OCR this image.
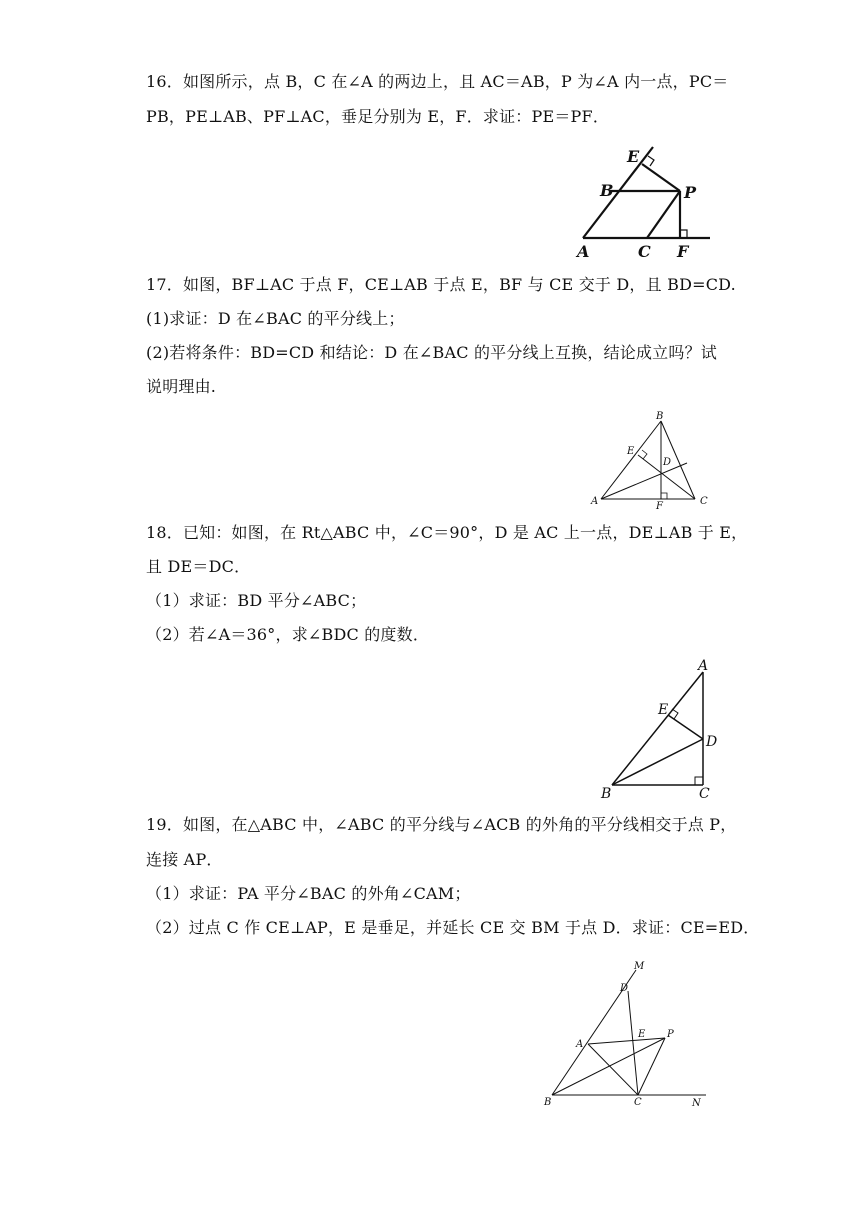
16．如图所示，点 B，C 在∠A 的两边上，且 AC＝AB，P 为∠A 内一点，PC＝
PB，PE⊥AB、PF⊥AC，垂足分别为 E，F．求证：PE＝PF．
E
B	P
A	C F
17．如图，BF⊥AC 于点 F，CE⊥AB 于点 E，BF 与 CE 交于 D，且 BD=CD.
(1)求证：D 在∠BAC 的平分线上；
(2)若将条件：BD=CD 和结论：D 在∠BAC 的平分线上互换，结论成立吗？试
说明理由.
B
E
D
A	F	C
18．已知：如图，在 Rt△ABC 中，∠C＝90°，D 是 AC 上一点，DE⊥AB 于 E，
且 DE＝DC．
（1）求证：BD 平分∠ABC；
（2）若∠A＝36°，求∠BDC 的度数．
A
E
D
B	C
19．如图，在△ABC 中，∠ABC 的平分线与∠ACB 的外角的平分线相交于点 P，
连接 AP．
（1）求证：PA 平分∠BAC 的外角∠CAM；
（2）过点 C 作 CE⊥AP，E 是垂足，并延长 CE 交 BM 于点 D．求证：CE=ED．
M
D
E P
A
B	C	N
